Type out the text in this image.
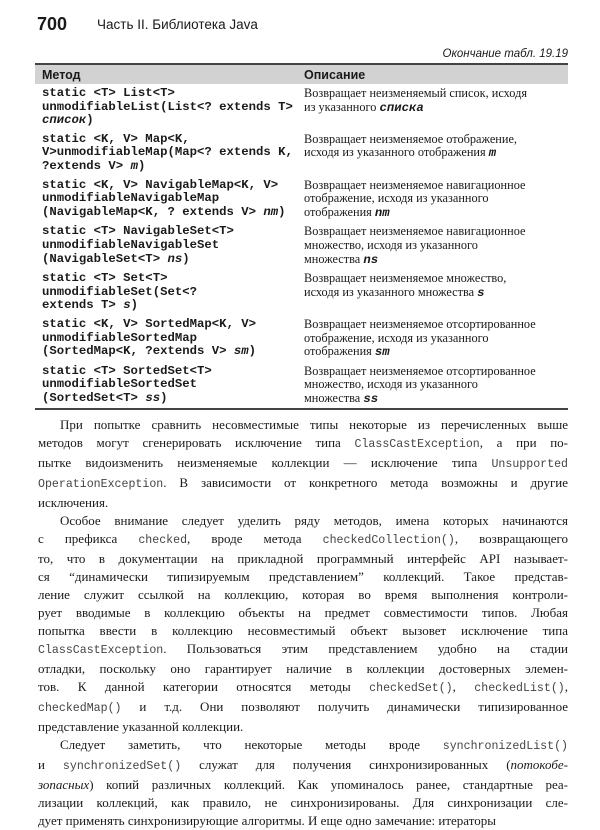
700 Часть II. Библиотека Java
Окончание табл. 19.19
Метод	Описание
static <T> List<T>
unmodifiableList(List<? extends T>
список)
Возвращает неизменяемый список, исходя
из указанного списка
static <K, V> Map<K,
V>unmodifiableMap(Map<? extends K,
?extends V> m)
Возвращает неизменяемое отображение,
исходя из указанного отображения m
static <K, V> NavigableMap<K, V>
unmodifiableNavigableMap
(NavigableMap<K, ? extends V> nm)
Возвращает неизменяемое навигационное
отображение, исходя из указанного
отображения nm
static <T> NavigableSet<T>
unmodifiableNavigableSet
(NavigableSet<T> ns)
Возвращает неизменяемое навигационное
множество, исходя из указанного
множества ns
static <T> Set<T>
unmodifiableSet(Set<?
extends T> s)
Возвращает неизменяемое множество,
исходя из указанного множества s
static <K, V> SortedMap<K, V>
unmodifiableSortedMap
(SortedMap<K, ?extends V> sm)
Возвращает неизменяемое отсортированное
отображение, исходя из указанного
отображения sm
static <T> SortedSet<T>
unmodifiableSortedSet
(SortedSet<T> ss)
Возвращает неизменяемое отсортированное
множество, исходя из указанного
множества ss
При попытке сравнить несовместимые типы некоторые из перечисленных выше
методов могут сгенерировать исключение типа ClassCastException, а при по-
пытке видоизменить неизменяемые коллекции — исключение типа Unsupported
OperationException. В зависимости от конкретного метода возможны и другие
исключения.
Особое внимание следует уделить ряду методов, имена которых начинаются
с префикса checked, вроде метода checkedCollection(), возвращающего
то, что в документации на прикладной программный интерфейс API называет-
ся “динамически типизируемым представлением” коллекций. Такое представ-
ление служит ссылкой на коллекцию, которая во время выполнения контроли-
рует вводимые в коллекцию объекты на предмет совместимости типов. Любая
попытка ввести в коллекцию несовместимый объект вызовет исключение типа
ClassCastException. Пользоваться этим представлением удобно на стадии
отладки, поскольку оно гарантирует наличие в коллекции достоверных элемен-
тов. К данной категории относятся методы checkedSet(), checkedList(),
checkedMap() и т.д. Они позволяют получить динамически типизированное
представление указанной коллекции.
Следует заметить, что некоторые методы вроде synchronizedList()
и synchronizedSet() служат для получения синхронизированных (потокобе-
зопасных) копий различных коллекций. Как упоминалось ранее, стандартные реа-
лизации коллекций, как правило, не синхронизированы. Для синхронизации сле-
дует применять синхронизирующие алгоритмы. И еще одно замечание: итераторы
